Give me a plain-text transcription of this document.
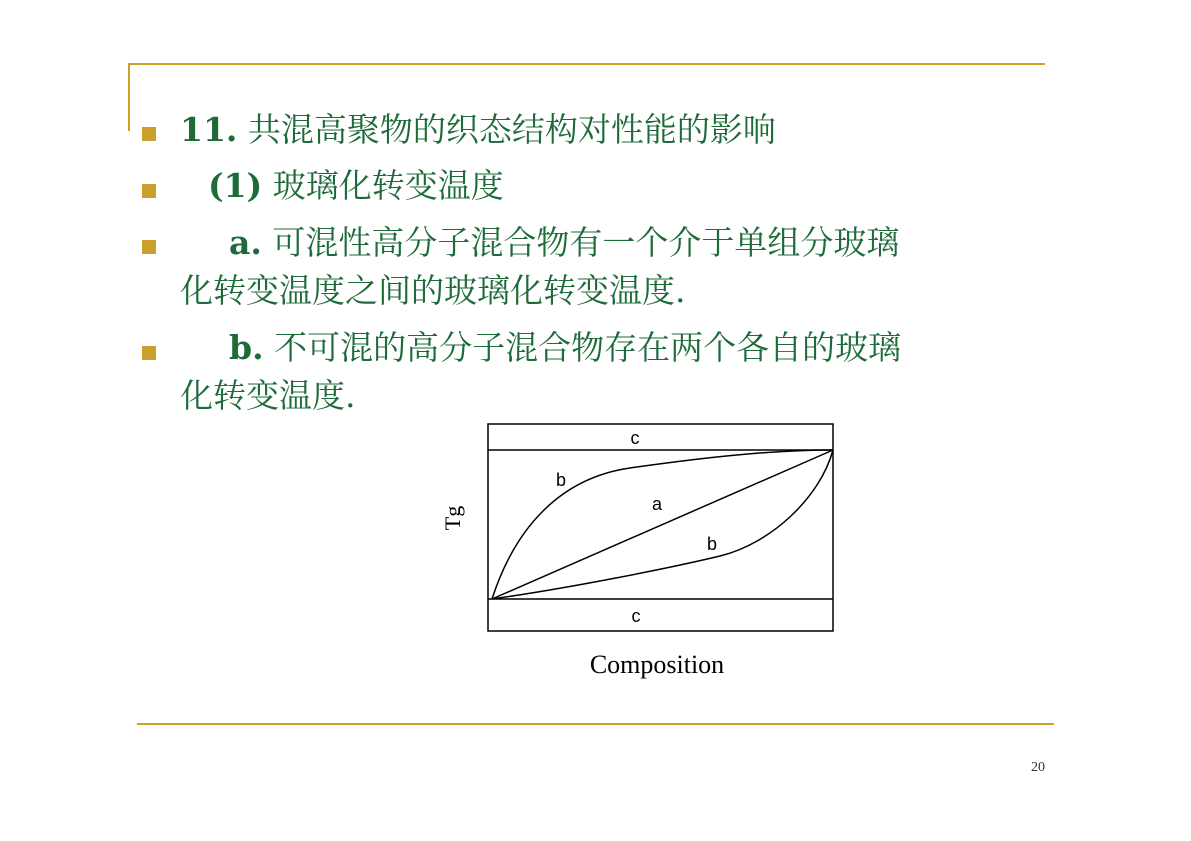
11. 共混高聚物的织态结构对性能的影响
(1) 玻璃化转变温度
a. 可混性高分子混合物有一个介于单组分玻璃
化转变温度之间的玻璃化转变温度.
b. 不可混的高分子混合物存在两个各自的玻璃
化转变温度.
c
b
a
b
c
Tg
Composition
20
